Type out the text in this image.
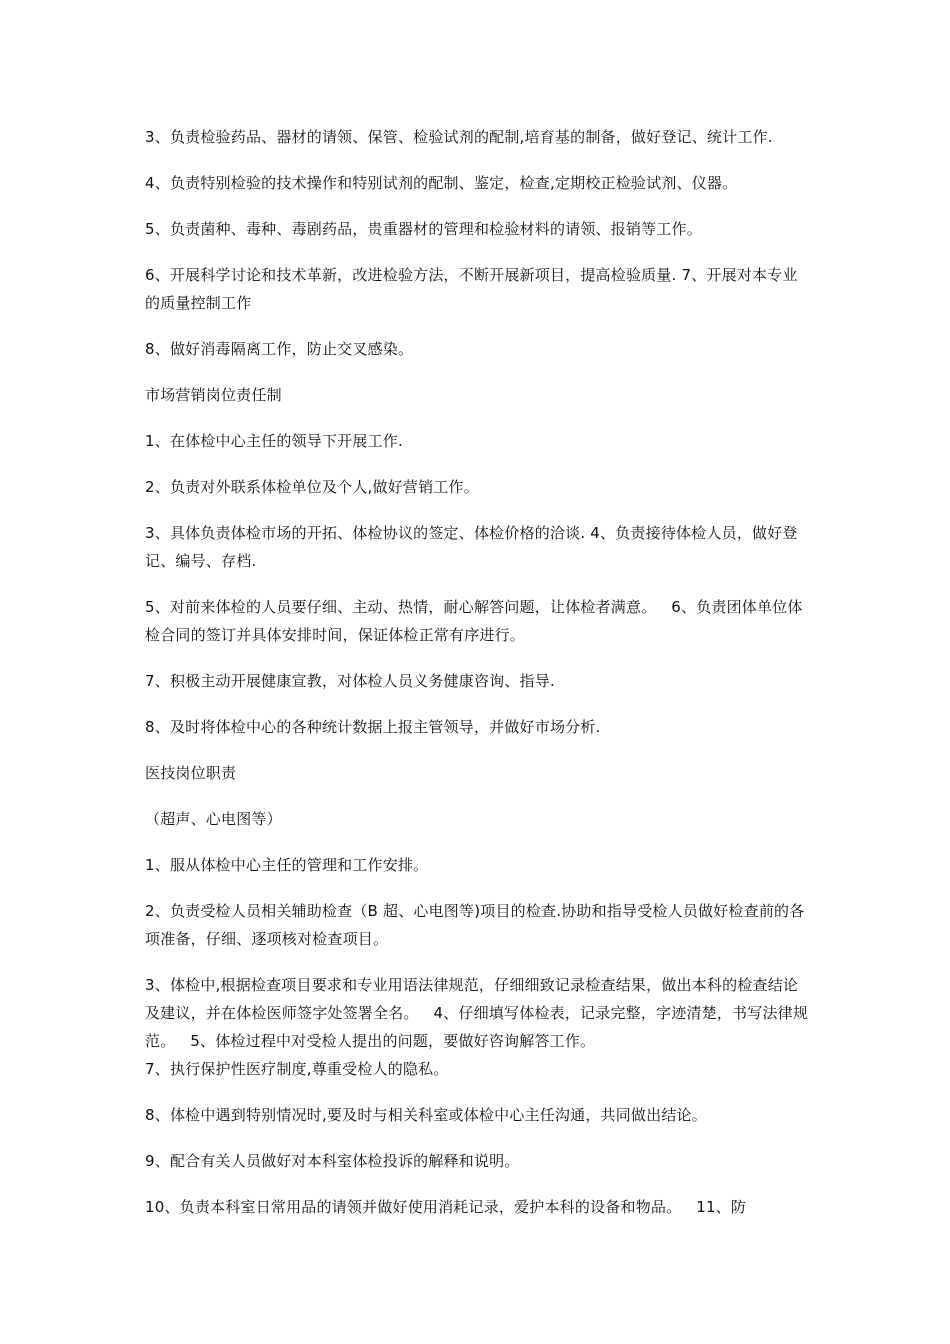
3、负责检验药品、器材的请领、保管、检验试剂的配制,培育基的制备，做好登记、统计工作.

4、负责特别检验的技术操作和特别试剂的配制、鉴定，检查,定期校正检验试剂、仪器。

5、负责菌种、毒种、毒剧药品，贵重器材的管理和检验材料的请领、报销等工作。

6、开展科学讨论和技术革新，改进检验方法，不断开展新项目，提高检验质量. 7、开展对本专业的质量控制工作

8、做好消毒隔离工作，防止交叉感染。

市场营销岗位责任制

1、在体检中心主任的领导下开展工作.

2、负责对外联系体检单位及个人,做好营销工作。

3、具体负责体检市场的开拓、体检协议的签定、体检价格的洽谈. 4、负责接待体检人员，做好登记、编号、存档.

5、对前来体检的人员要仔细、主动、热情，耐心解答问题，让体检者满意。   6、负责团体单位体检合同的签订并具体安排时间，保证体检正常有序进行。

7、积极主动开展健康宣教，对体检人员义务健康咨询、指导.

8、及时将体检中心的各种统计数据上报主管领导，并做好市场分析.

医技岗位职责

（超声、心电图等）

1、服从体检中心主任的管理和工作安排。

2、负责受检人员相关辅助检查（B 超、心电图等)项目的检查.协助和指导受检人员做好检查前的各项准备，仔细、逐项核对检查项目。

3、体检中,根据检查项目要求和专业用语法律规范，仔细细致记录检查结果，做出本科的检查结论及建议，并在体检医师签字处签署全名。   4、仔细填写体检表，记录完整，字迹清楚，书写法律规范。   5、体检过程中对受检人提出的问题，要做好咨询解答工作。

7、执行保护性医疗制度,尊重受检人的隐私。

8、体检中遇到特别情况时,要及时与相关科室或体检中心主任沟通，共同做出结论。

9、配合有关人员做好对本科室体检投诉的解释和说明。

10、负责本科室日常用品的请领并做好使用消耗记录，爱护本科的设备和物品。   11、防
